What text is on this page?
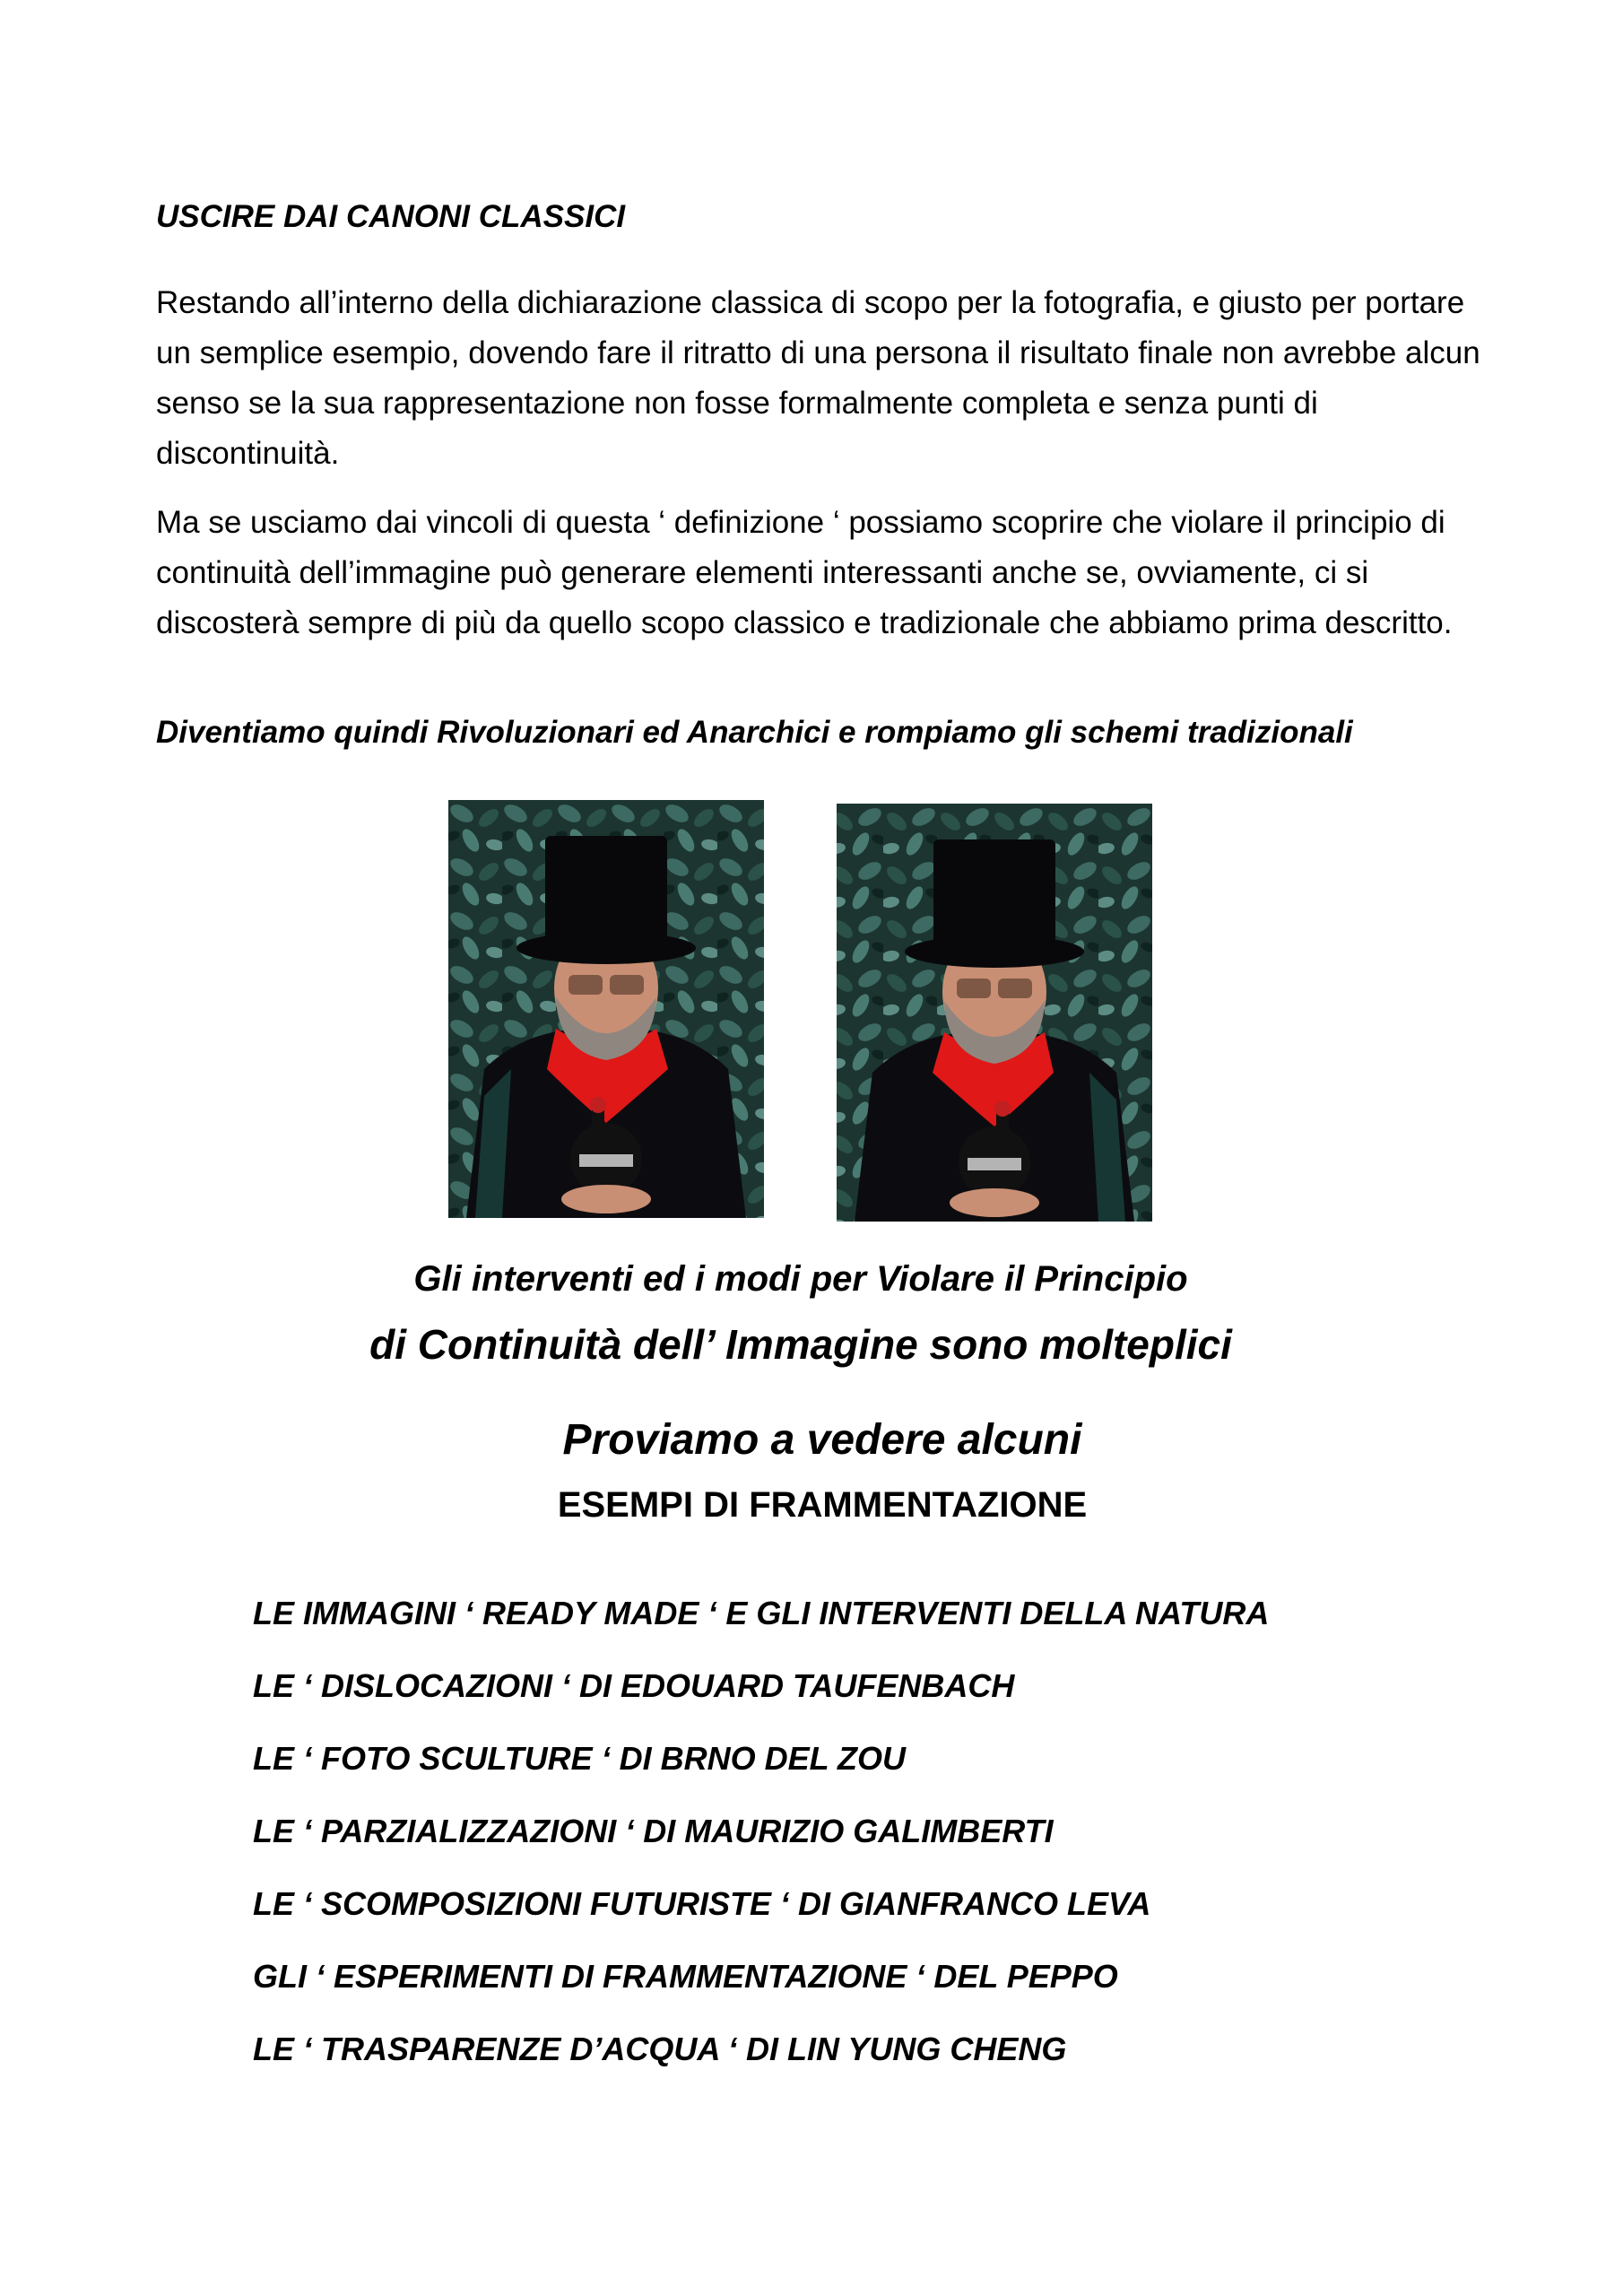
USCIRE DAI CANONI CLASSICI

Restando all’interno della dichiarazione classica di scopo per la fotografia, e giusto per portare un semplice esempio, dovendo fare il ritratto di una persona il risultato finale non avrebbe alcun senso se la sua rappresentazione non fosse formalmente completa e senza punti di discontinuità.

Ma se usciamo dai vincoli di questa ‘ definizione ‘ possiamo scoprire che violare il principio di continuità dell’immagine può generare elementi interessanti anche se, ovviamente, ci si discosterà sempre di più da quello scopo classico e tradizionale che abbiamo prima descritto.

Diventiamo quindi Rivoluzionari ed Anarchici e rompiamo gli schemi tradizionali

Gli interventi ed i modi per Violare il Principio

di Continuità dell’ Immagine sono molteplici

Proviamo a vedere alcuni

ESEMPI DI FRAMMENTAZIONE

LE IMMAGINI ‘ READY MADE ‘ E GLI INTERVENTI DELLA NATURA
LE ‘ DISLOCAZIONI ‘ DI EDOUARD TAUFENBACH
LE ‘ FOTO SCULTURE ‘ DI BRNO DEL ZOU
LE ‘ PARZIALIZZAZIONI ‘ DI MAURIZIO GALIMBERTI
LE ‘ SCOMPOSIZIONI FUTURISTE ‘ DI GIANFRANCO LEVA
GLI ‘ ESPERIMENTI DI FRAMMENTAZIONE ‘ DEL PEPPO
LE ‘ TRASPARENZE D’ACQUA ‘ DI LIN YUNG CHENG
